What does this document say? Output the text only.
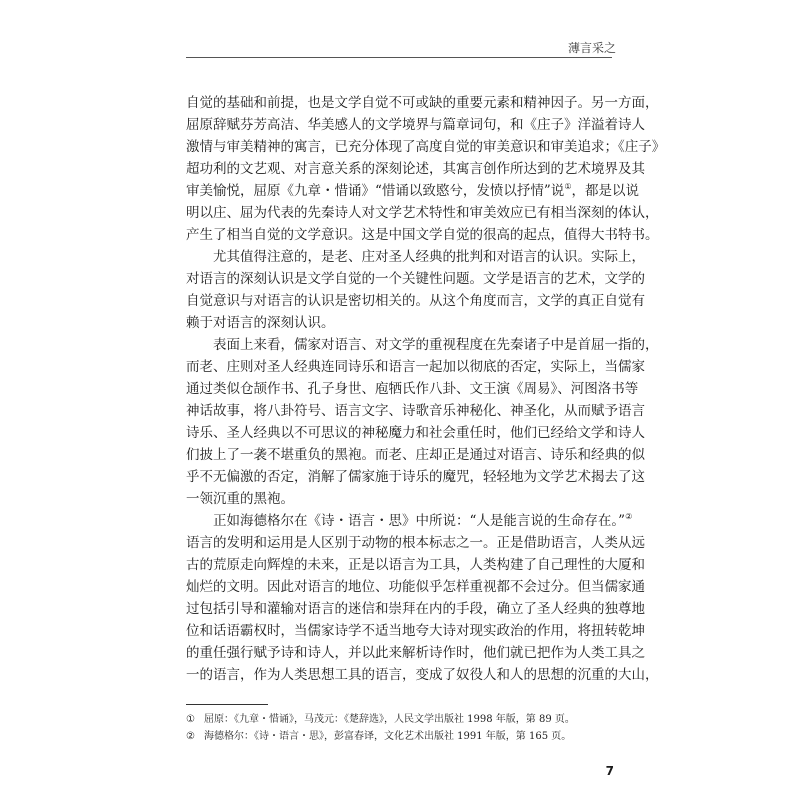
薄言采之
自觉的基础和前提，也是文学自觉不可或缺的重要元素和精神因子。另一方面，
屈原辞赋芬芳高洁、华美感人的文学境界与篇章词句，和《庄子》洋溢着诗人
激情与审美精神的寓言，已充分体现了高度自觉的审美意识和审美追求；《庄子》
超功利的文艺观、对言意关系的深刻论述，其寓言创作所达到的艺术境界及其
审美愉悦，屈原《九章・惜诵》“惜诵以致愍兮，发愤以抒情”说①，都是以说
明以庄、屈为代表的先秦诗人对文学艺术特性和审美效应已有相当深刻的体认，
产生了相当自觉的文学意识。这是中国文学自觉的很高的起点，值得大书特书。
尤其值得注意的，是老、庄对圣人经典的批判和对语言的认识。实际上，
对语言的深刻认识是文学自觉的一个关键性问题。文学是语言的艺术，文学的
自觉意识与对语言的认识是密切相关的。从这个角度而言，文学的真正自觉有
赖于对语言的深刻认识。
表面上来看，儒家对语言、对文学的重视程度在先秦诸子中是首屈一指的，
而老、庄则对圣人经典连同诗乐和语言一起加以彻底的否定，实际上，当儒家
通过类似仓颉作书、孔子身世、庖牺氏作八卦、文王演《周易》、河图洛书等
神话故事，将八卦符号、语言文字、诗歌音乐神秘化、神圣化，从而赋予语言
诗乐、圣人经典以不可思议的神秘魔力和社会重任时，他们已经给文学和诗人
们披上了一袭不堪重负的黑袍。而老、庄却正是通过对语言、诗乐和经典的似
乎不无偏激的否定，消解了儒家施于诗乐的魔咒，轻轻地为文学艺术揭去了这
一领沉重的黑袍。
正如海德格尔在《诗・语言・思》中所说：“人是能言说的生命存在。”②
语言的发明和运用是人区别于动物的根本标志之一。正是借助语言，人类从远
古的荒原走向辉煌的未来，正是以语言为工具，人类构建了自己理性的大厦和
灿烂的文明。因此对语言的地位、功能似乎怎样重视都不会过分。但当儒家通
过包括引导和灌输对语言的迷信和崇拜在内的手段，确立了圣人经典的独尊地
位和话语霸权时，当儒家诗学不适当地夸大诗对现实政治的作用，将扭转乾坤
的重任强行赋予诗和诗人，并以此来解析诗作时，他们就已把作为人类工具之
一的语言，作为人类思想工具的语言，变成了奴役人和人的思想的沉重的大山，
① 屈原：《九章・惜诵》，马茂元：《楚辞选》，人民文学出版社 1998 年版，第 89 页。
② 海德格尔：《诗・语言・思》，彭富春译，文化艺术出版社 1991 年版，第 165 页。
7
